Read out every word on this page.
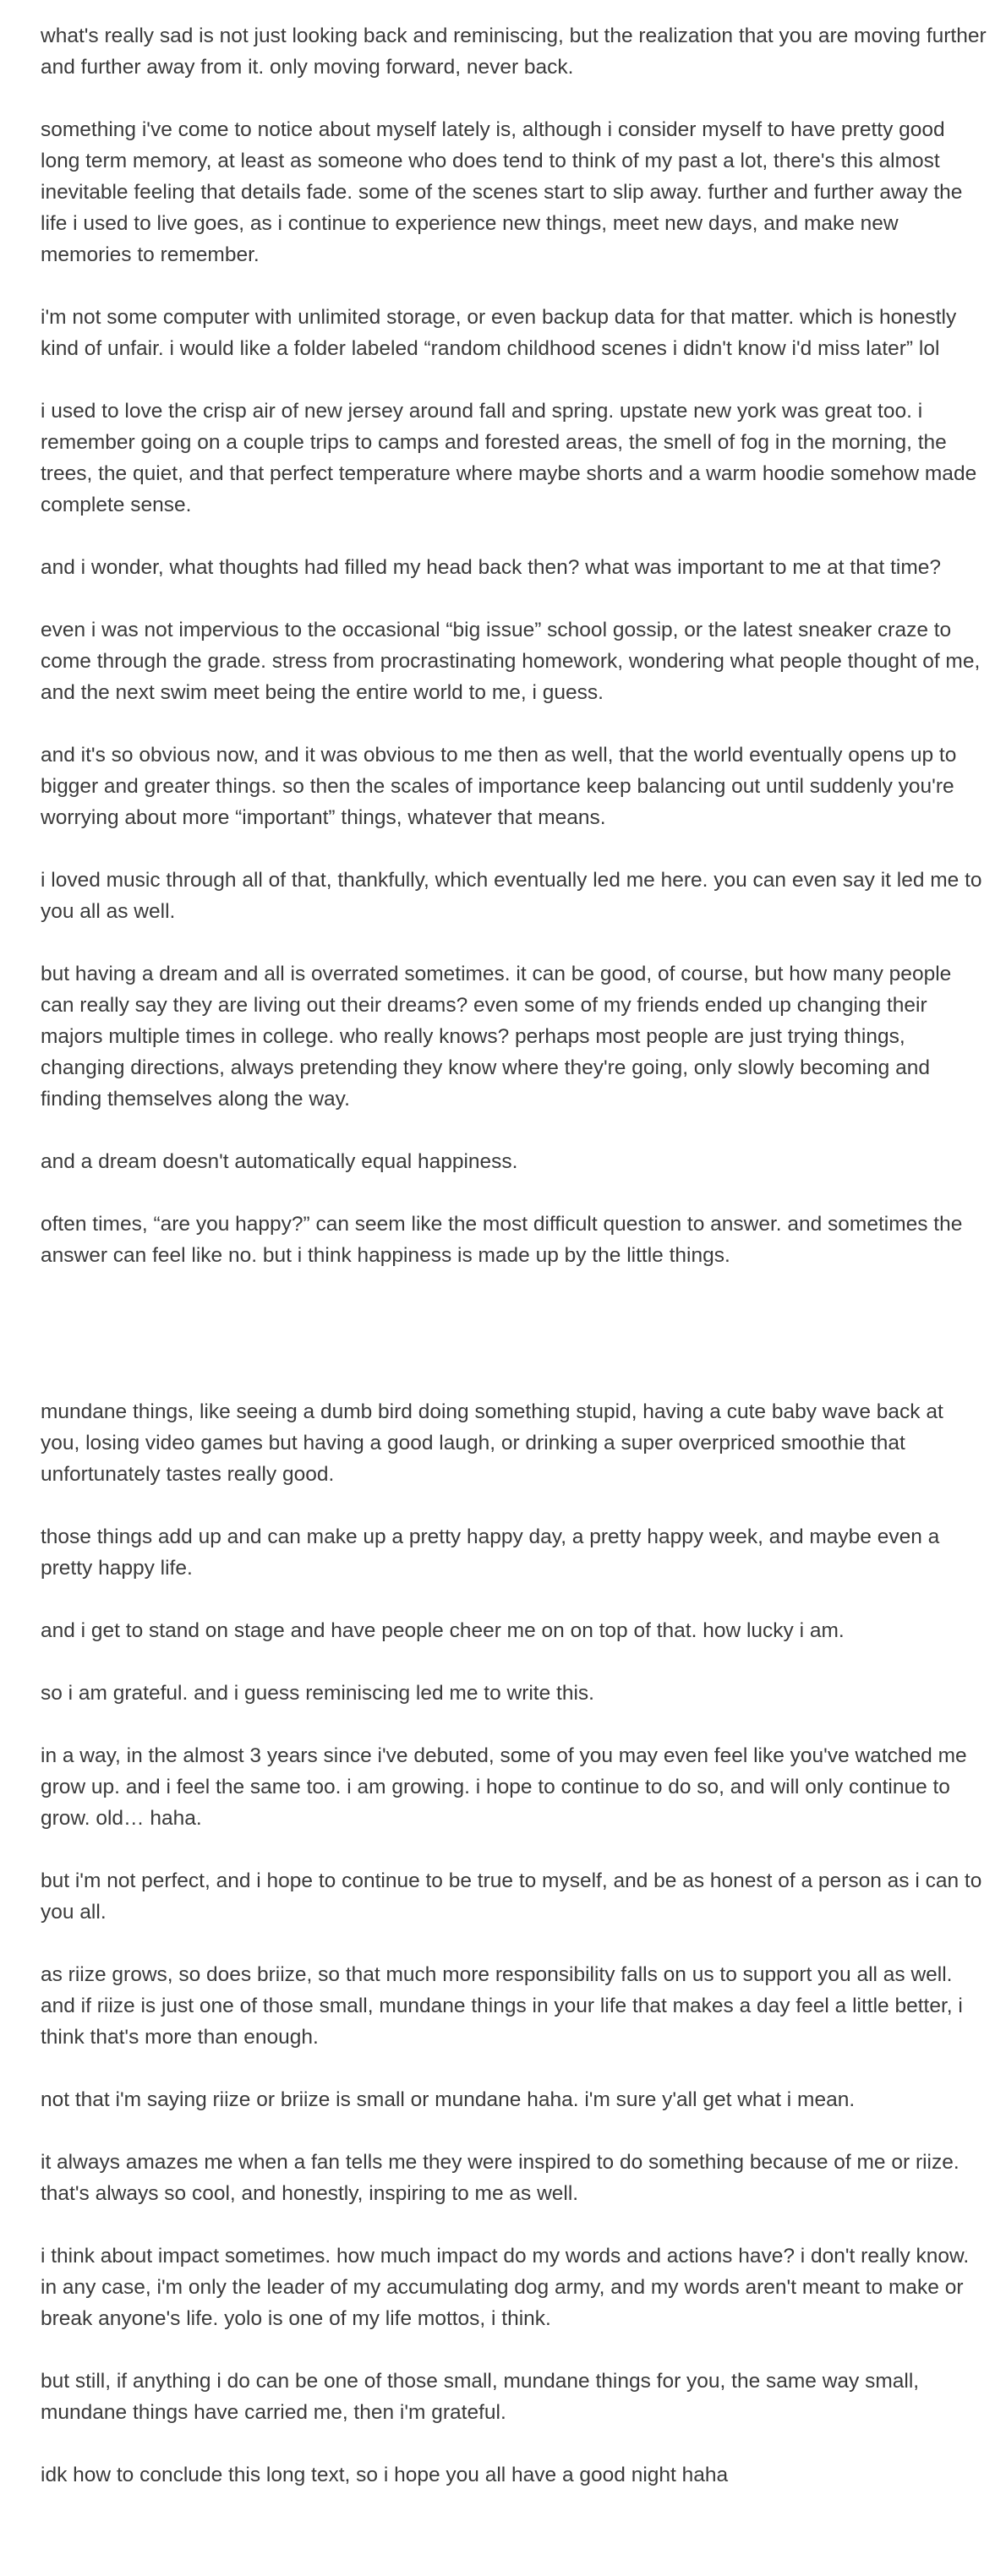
what's really sad is not just looking back and reminiscing, but the realization that you are moving further and further away from it. only moving forward, never back.

something i've come to notice about myself lately is, although i consider myself to have pretty good long term memory, at least as someone who does tend to think of my past a lot, there's this almost inevitable feeling that details fade. some of the scenes start to slip away. further and further away the life i used to live goes, as i continue to experience new things, meet new days, and make new memories to remember.

i'm not some computer with unlimited storage, or even backup data for that matter. which is honestly kind of unfair. i would like a folder labeled “random childhood scenes i didn't know i'd miss later” lol

i used to love the crisp air of new jersey around fall and spring. upstate new york was great too. i remember going on a couple trips to camps and forested areas, the smell of fog in the morning, the trees, the quiet, and that perfect temperature where maybe shorts and a warm hoodie somehow made complete sense.

and i wonder, what thoughts had filled my head back then? what was important to me at that time?

even i was not impervious to the occasional “big issue” school gossip, or the latest sneaker craze to come through the grade. stress from procrastinating homework, wondering what people thought of me, and the next swim meet being the entire world to me, i guess.

and it's so obvious now, and it was obvious to me then as well, that the world eventually opens up to bigger and greater things. so then the scales of importance keep balancing out until suddenly you're worrying about more “important” things, whatever that means.

i loved music through all of that, thankfully, which eventually led me here. you can even say it led me to you all as well.

but having a dream and all is overrated sometimes. it can be good, of course, but how many people can really say they are living out their dreams? even some of my friends ended up changing their majors multiple times in college. who really knows? perhaps most people are just trying things, changing directions, always pretending they know where they're going, only slowly becoming and finding themselves along the way.

and a dream doesn't automatically equal happiness.

often times, “are you happy?” can seem like the most difficult question to answer. and sometimes the answer can feel like no. but i think happiness is made up by the little things.

mundane things, like seeing a dumb bird doing something stupid, having a cute baby wave back at you, losing video games but having a good laugh, or drinking a super overpriced smoothie that unfortunately tastes really good.

those things add up and can make up a pretty happy day, a pretty happy week, and maybe even a pretty happy life.

and i get to stand on stage and have people cheer me on on top of that. how lucky i am.

so i am grateful. and i guess reminiscing led me to write this.

in a way, in the almost 3 years since i've debuted, some of you may even feel like you've watched me grow up. and i feel the same too. i am growing. i hope to continue to do so, and will only continue to grow. old… haha.

but i'm not perfect, and i hope to continue to be true to myself, and be as honest of a person as i can to you all.

as riize grows, so does briize, so that much more responsibility falls on us to support you all as well. and if riize is just one of those small, mundane things in your life that makes a day feel a little better, i think that's more than enough.

not that i'm saying riize or briize is small or mundane haha. i'm sure y'all get what i mean.

it always amazes me when a fan tells me they were inspired to do something because of me or riize. that's always so cool, and honestly, inspiring to me as well.

i think about impact sometimes. how much impact do my words and actions have? i don't really know. in any case, i'm only the leader of my accumulating dog army, and my words aren't meant to make or break anyone's life. yolo is one of my life mottos, i think.

but still, if anything i do can be one of those small, mundane things for you, the same way small, mundane things have carried me, then i'm grateful.

idk how to conclude this long text, so i hope you all have a good night haha
